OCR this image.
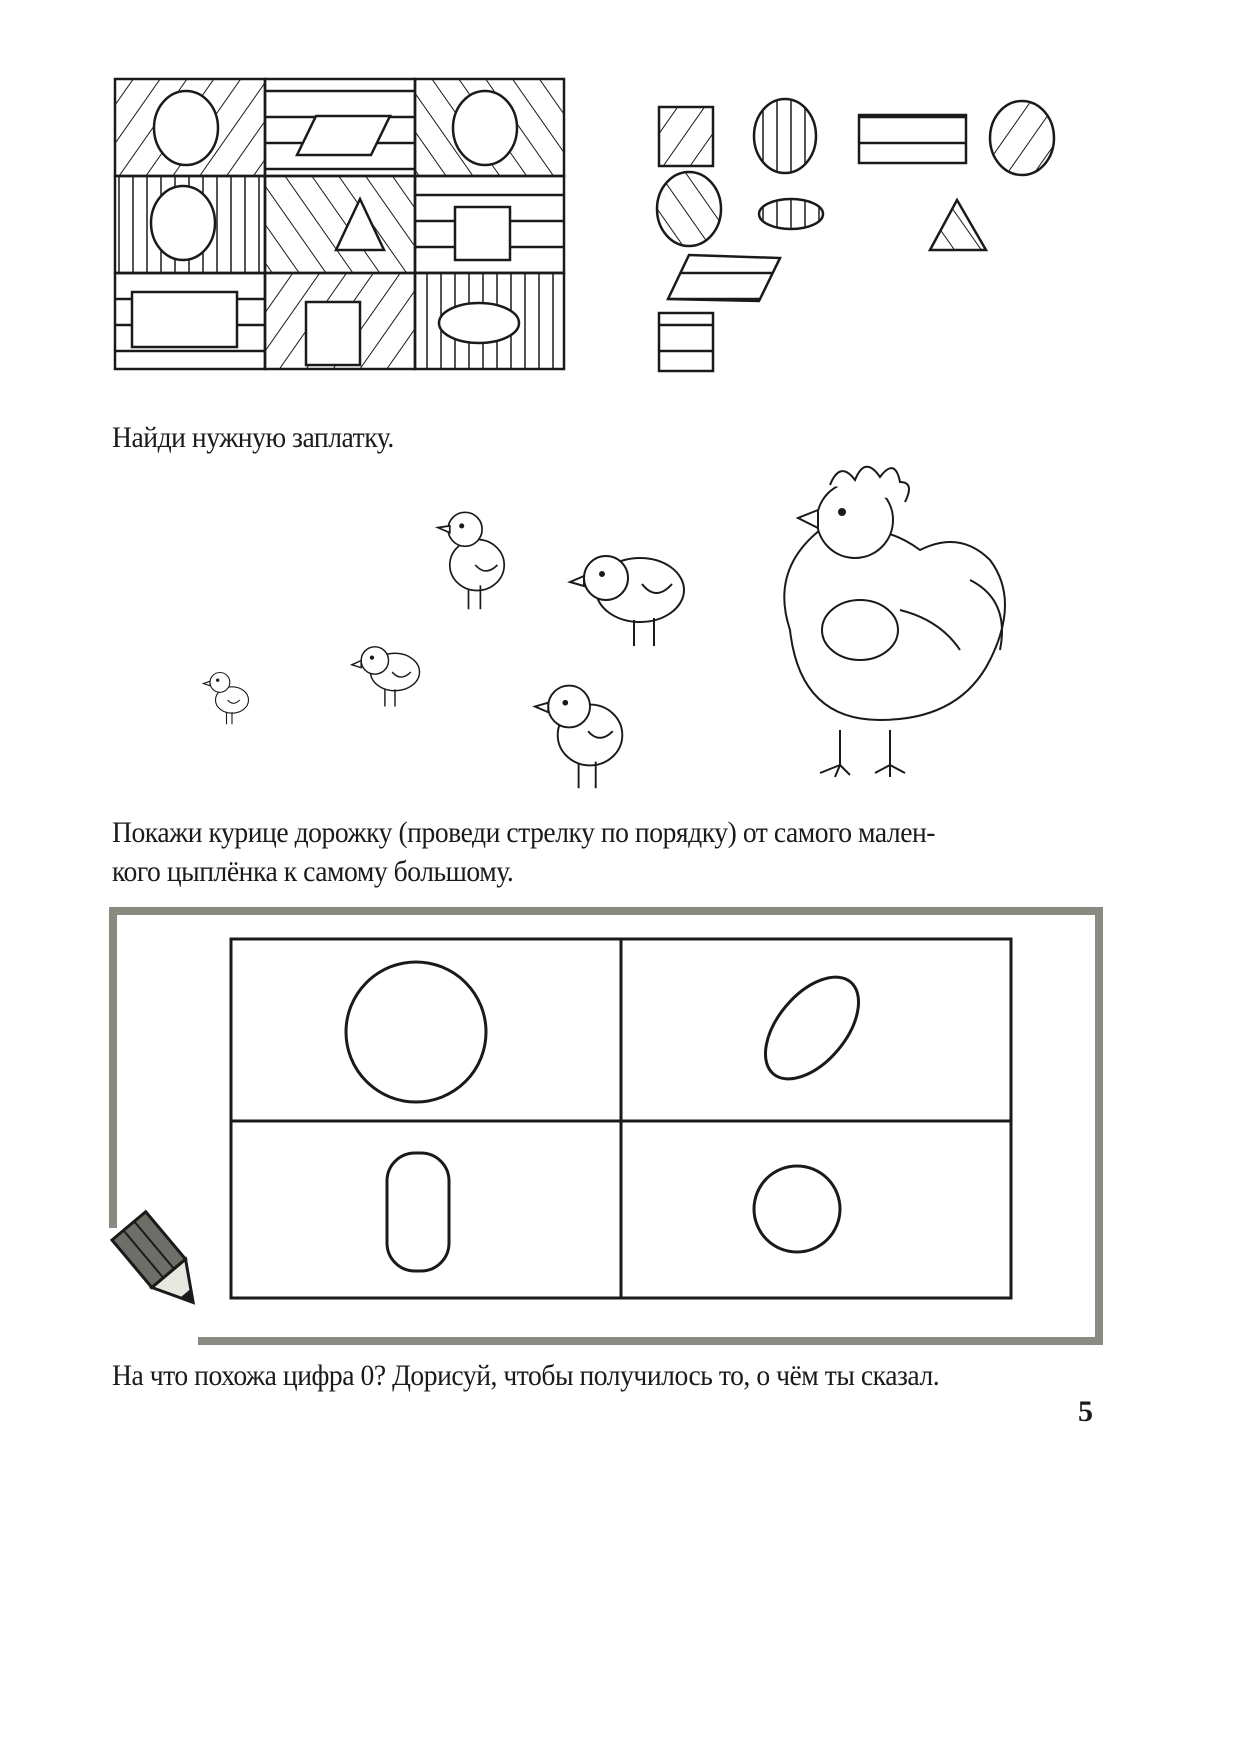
Найди нужную заплатку.
Покажи курице дорожку (проведи стрелку по порядку) от самого мален-
кого цыплёнка к самому большому.
На что похожа цифра 0? Дорисуй, чтобы получилось то, о чём ты сказал.
5
